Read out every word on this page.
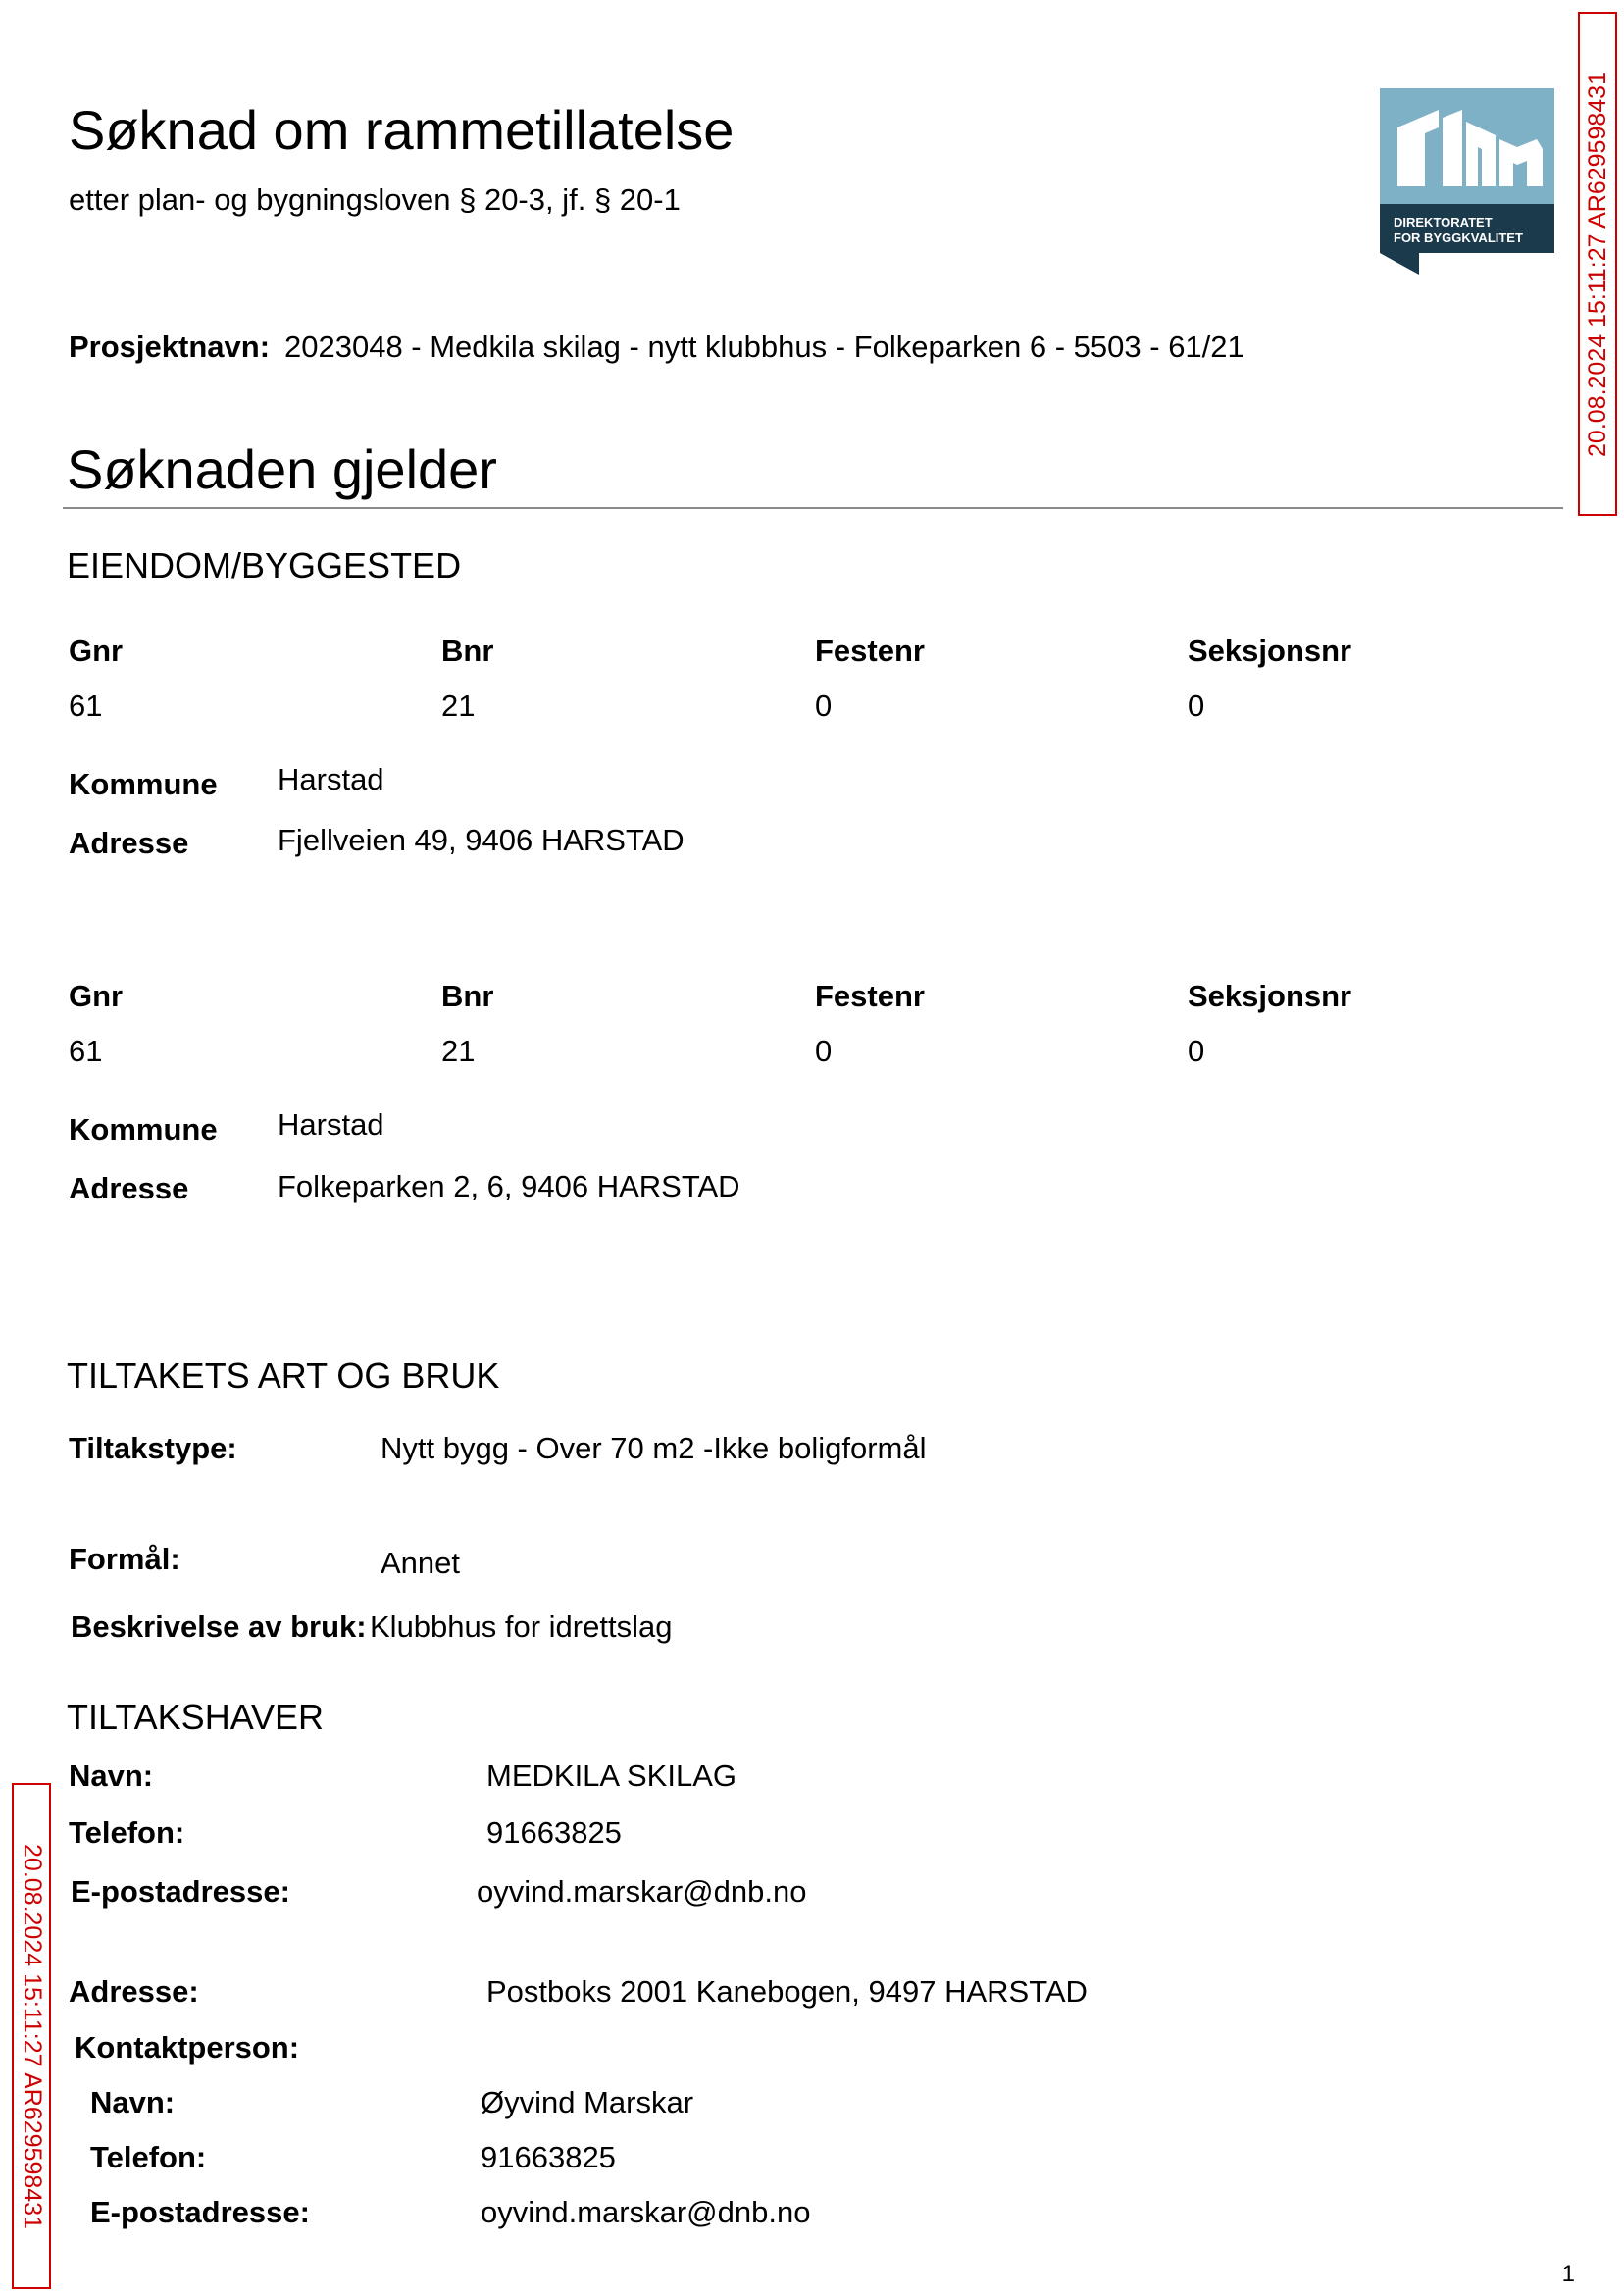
Søknad om rammetillatelse
etter plan- og bygningsloven § 20-3, jf. § 20-1
DIREKTORATET
FOR BYGGKVALITET 20.08.2024 15:11:27 AR629598431
20.08.2024 15:11:27 AR629598431
Prosjektnavn: 2023048 - Medkila skilag - nytt klubbhus - Folkeparken 6 - 5503 - 61/21
Søknaden gjelder
EIENDOM/BYGGESTED
Gnr	Bnr	Festenr	Seksjonsnr
61	21	0	0
Kommune Harstad
Adresse	Fjellveien 49, 9406 HARSTAD
Gnr	Bnr	Festenr	Seksjonsnr
61	21	0	0
Kommune Harstad
Adresse	Folkeparken 2, 6, 9406 HARSTAD
TILTAKETS ART OG BRUK
Tiltakstype:	Nytt bygg - Over 70 m2 -Ikke boligformål
Formål:	Annet
Beskrivelse av bruk: Klubbhus for idrettslag
TILTAKSHAVER
Navn:	MEDKILA SKILAG
Telefon:	91663825
E-postadresse:	oyvind.marskar@dnb.no
Adresse:	Postboks 2001 Kanebogen, 9497 HARSTAD
Kontaktperson:
Navn:	Øyvind Marskar
Telefon:	91663825
E-postadresse:	oyvind.marskar@dnb.no
1
